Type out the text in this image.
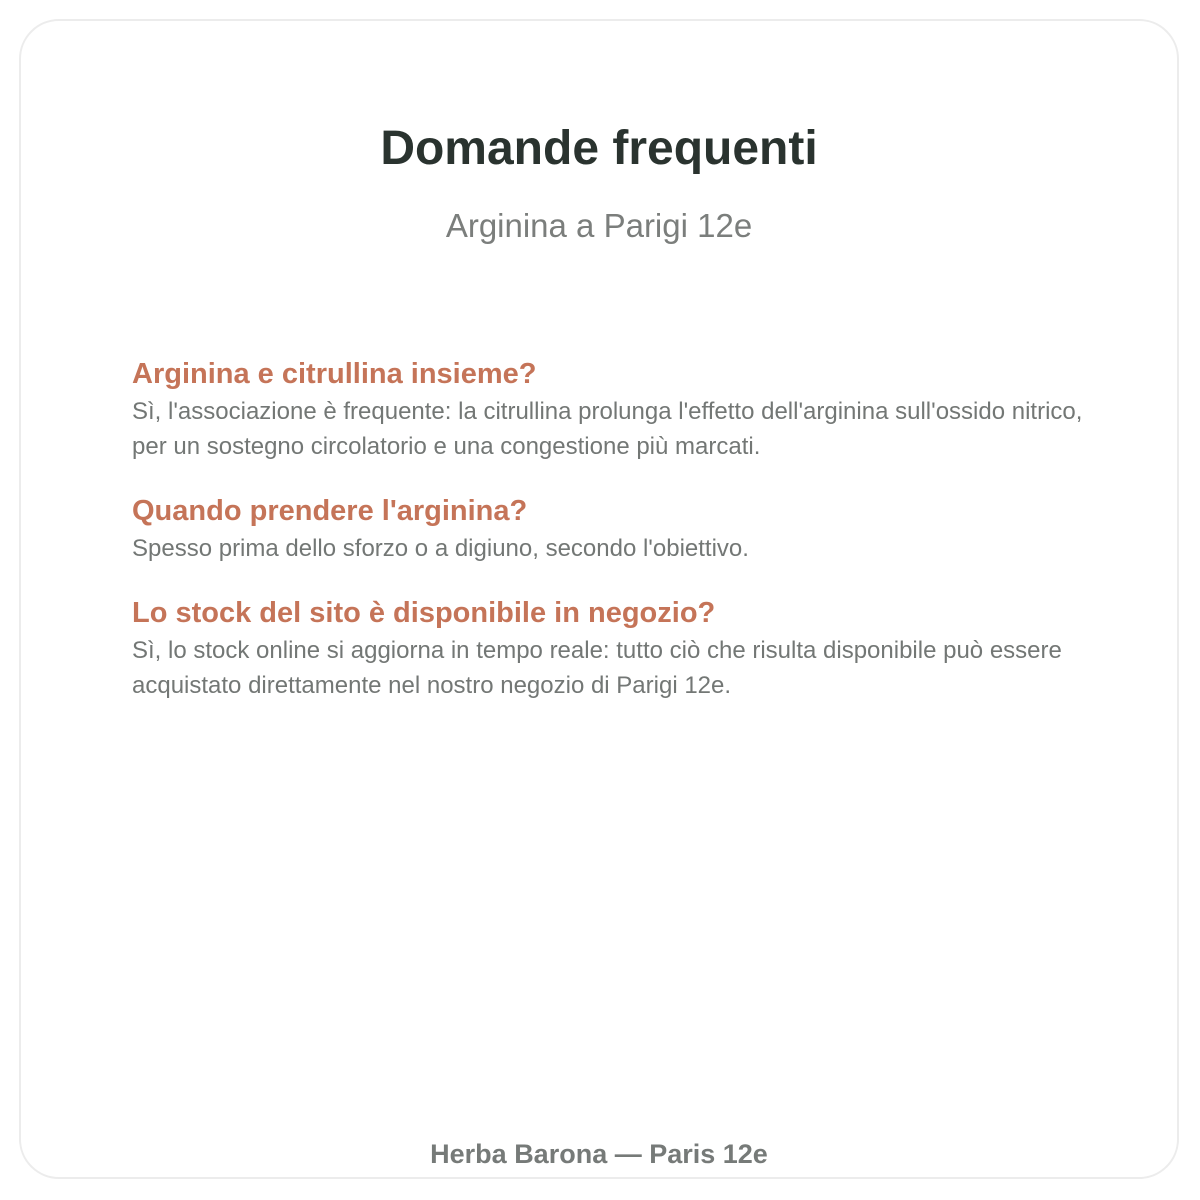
Domande frequenti

Arginina a Parigi 12e

Arginina e citrullina insieme?

Sì, l'associazione è frequente: la citrullina prolunga l'effetto dell'arginina sull'ossido nitrico, per un sostegno circolatorio e una congestione più marcati.

Quando prendere l'arginina?

Spesso prima dello sforzo o a digiuno, secondo l'obiettivo.

Lo stock del sito è disponibile in negozio?

Sì, lo stock online si aggiorna in tempo reale: tutto ciò che risulta disponibile può essere acquistato direttamente nel nostro negozio di Parigi 12e.

Herba Barona — Paris 12e
